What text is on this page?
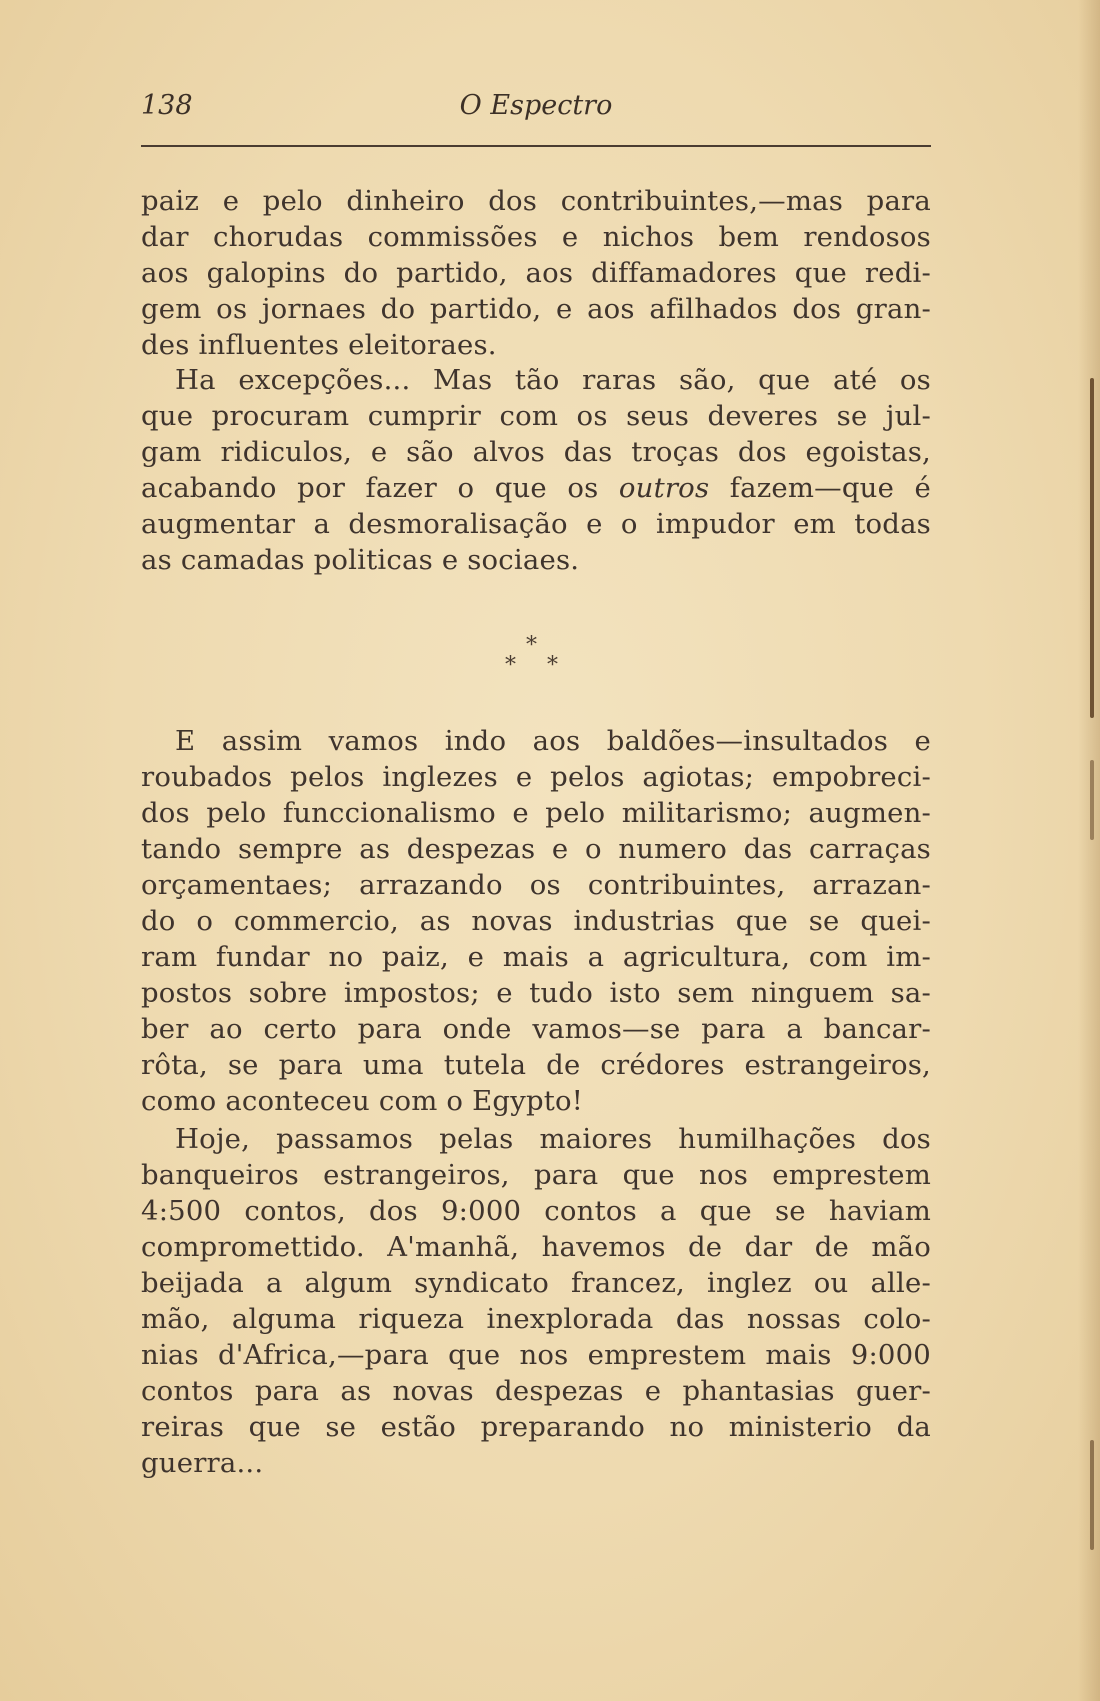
138	O Espectro
paiz e pelo dinheiro dos contribuintes,—mas para
dar chorudas commissões e nichos bem rendosos
aos galopins do partido, aos diffamadores que redi-
gem os jornaes do partido, e aos afilhados dos gran-
des influentes eleitoraes.
Ha excepções... Mas tão raras são, que até os
que procuram cumprir com os seus deveres se jul-
gam ridiculos, e são alvos das troças dos egoistas,
acabando por fazer o que os outros fazem—que é
augmentar a desmoralisação e o impudor em todas
as camadas politicas e sociaes.
*
* *
E assim vamos indo aos baldões—insultados e
roubados pelos inglezes e pelos agiotas; empobreci-
dos pelo funccionalismo e pelo militarismo; augmen-
tando sempre as despezas e o numero das carraças
orçamentaes; arrazando os contribuintes, arrazan-
do o commercio, as novas industrias que se quei-
ram fundar no paiz, e mais a agricultura, com im-
postos sobre impostos; e tudo isto sem ninguem sa-
ber ao certo para onde vamos—se para a bancar-
rôta, se para uma tutela de crédores estrangeiros,
como aconteceu com o Egypto!
Hoje, passamos pelas maiores humilhações dos
banqueiros estrangeiros, para que nos emprestem
4:500 contos, dos 9:000 contos a que se haviam
compromettido. A'manhã, havemos de dar de mão
beijada a algum syndicato francez, inglez ou alle-
mão, alguma riqueza inexplorada das nossas colo-
nias d'Africa,—para que nos emprestem mais 9:000
contos para as novas despezas e phantasias guer-
reiras que se estão preparando no ministerio da
guerra...
